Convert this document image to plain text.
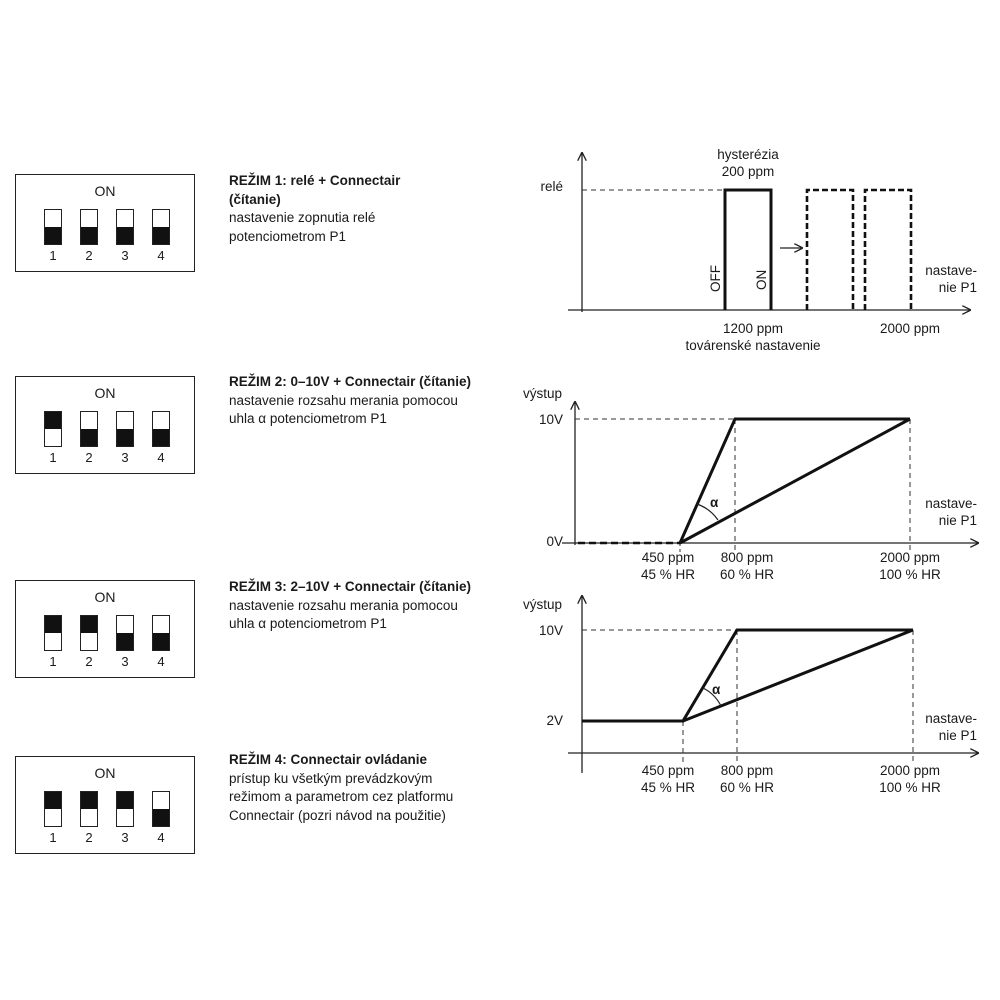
ON
1	2	3	4
ON
1	2	3	4
ON
1	2	3	4
ON
1	2	3	4
REŽIM 1: relé + Connectair
(čítanie)
nastavenie zopnutia relé
potenciometrom P1
REŽIM 2: 0–10V + Connectair (čítanie)
nastavenie rozsahu merania pomocou
uhla α potenciometrom P1
REŽIM 3: 2–10V + Connectair (čítanie)
nastavenie rozsahu merania pomocou
uhla α potenciometrom P1
REŽIM 4: Connectair ovládanie
prístup ku všetkým prevádzkovým
režimom a parametrom cez platformu
Connectair (pozri návod na použitie)
hysterézia
200 ppm
relé
OFF ON	nastave-
nie P1
1200 ppm
továrenské nastavenie
2000 ppm
výstup
10V
0V
α	nastave-
nie P1
450 ppm
45 % HR
800 ppm
60 % HR
2000 ppm
100 % HR
výstup
10V
2V
α
nastave-
nie P1
450 ppm
45 % HR
800 ppm
60 % HR
2000 ppm
100 % HR
